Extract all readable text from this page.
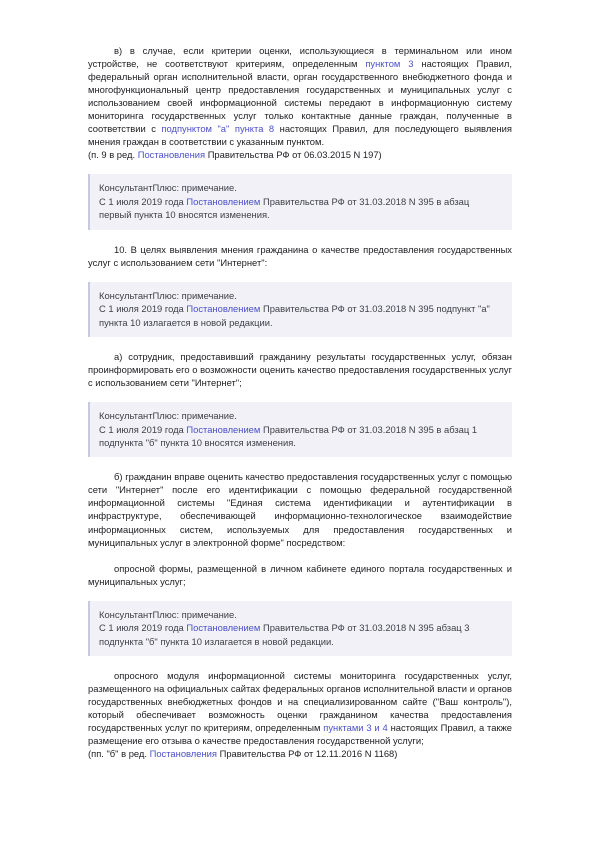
в) в случае, если критерии оценки, использующиеся в терминальном или ином устройстве, не соответствуют критериям, определенным пунктом 3 настоящих Правил, федеральный орган исполнительной власти, орган государственного внебюджетного фонда и многофункциональный центр предоставления государственных и муниципальных услуг с использованием своей информационной системы передают в информационную систему мониторинга государственных услуг только контактные данные граждан, полученные в соответствии с подпунктом "а" пункта 8 настоящих Правил, для последующего выявления мнения граждан в соответствии с указанным пунктом.

(п. 9 в ред. Постановления Правительства РФ от 06.03.2015 N 197)

КонсультантПлюс: примечание.

С 1 июля 2019 года Постановлением Правительства РФ от 31.03.2018 N 395 в абзац первый пункта 10 вносятся изменения.

10. В целях выявления мнения гражданина о качестве предоставления государственных услуг с использованием сети "Интернет":

КонсультантПлюс: примечание.

С 1 июля 2019 года Постановлением Правительства РФ от 31.03.2018 N 395 подпункт "а" пункта 10 излагается в новой редакции.

а) сотрудник, предоставивший гражданину результаты государственных услуг, обязан проинформировать его о возможности оценить качество предоставления государственных услуг с использованием сети "Интернет";

КонсультантПлюс: примечание.

С 1 июля 2019 года Постановлением Правительства РФ от 31.03.2018 N 395 в абзац 1 подпункта "б" пункта 10 вносятся изменения.

б) гражданин вправе оценить качество предоставления государственных услуг с помощью сети "Интернет" после его идентификации с помощью федеральной государственной информационной системы "Единая система идентификации и аутентификации в инфраструктуре, обеспечивающей информационно-технологическое взаимодействие информационных систем, используемых для предоставления государственных и муниципальных услуг в электронной форме" посредством:

опросной формы, размещенной в личном кабинете единого портала государственных и муниципальных услуг;

КонсультантПлюс: примечание.

С 1 июля 2019 года Постановлением Правительства РФ от 31.03.2018 N 395 абзац 3 подпункта "б" пункта 10 излагается в новой редакции.

опросного модуля информационной системы мониторинга государственных услуг, размещенного на официальных сайтах федеральных органов исполнительной власти и органов государственных внебюджетных фондов и на специализированном сайте ("Ваш контроль"), который обеспечивает возможность оценки гражданином качества предоставления государственных услуг по критериям, определенным пунктами 3 и 4 настоящих Правил, а также размещение его отзыва о качестве предоставления государственной услуги;

(пп. "б" в ред. Постановления Правительства РФ от 12.11.2016 N 1168)
